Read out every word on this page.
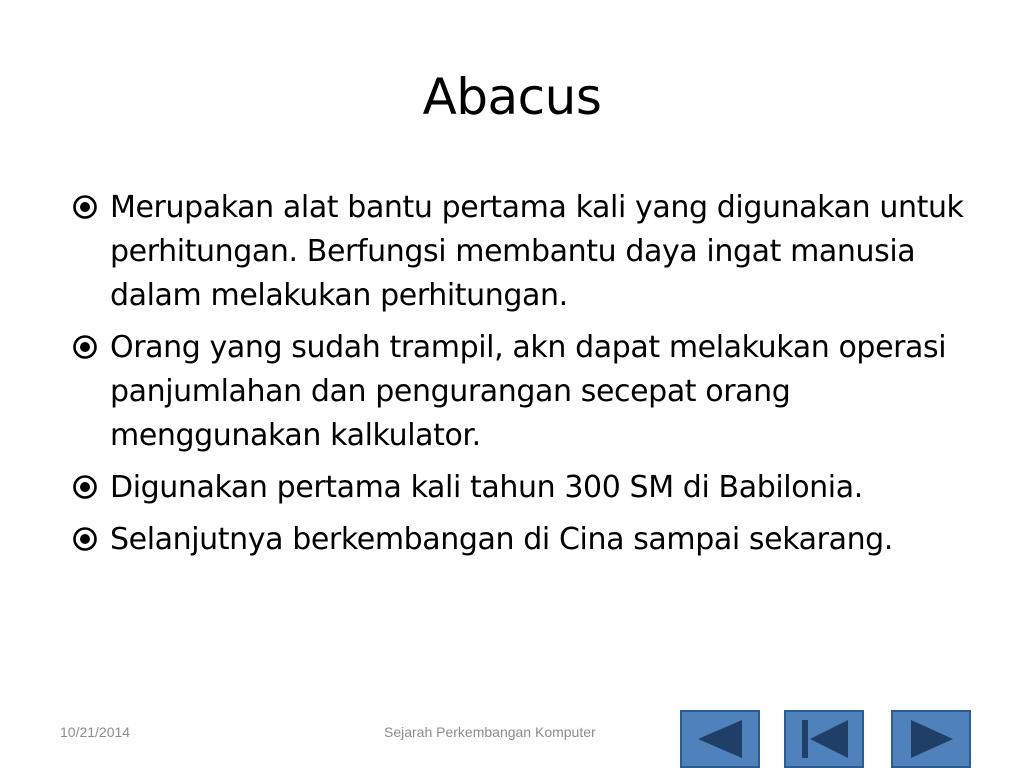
Abacus
Merupakan alat bantu pertama kali yang digunakan untuk perhitungan. Berfungsi membantu daya ingat manusia dalam melakukan perhitungan.
Orang yang sudah trampil, akn dapat melakukan operasi panjumlahan dan pengurangan secepat orang menggunakan kalkulator.
Digunakan pertama kali tahun 300 SM di Babilonia.
Selanjutnya berkembangan di Cina sampai sekarang.
10/21/2014	Sejarah Perkembangan Komputer
